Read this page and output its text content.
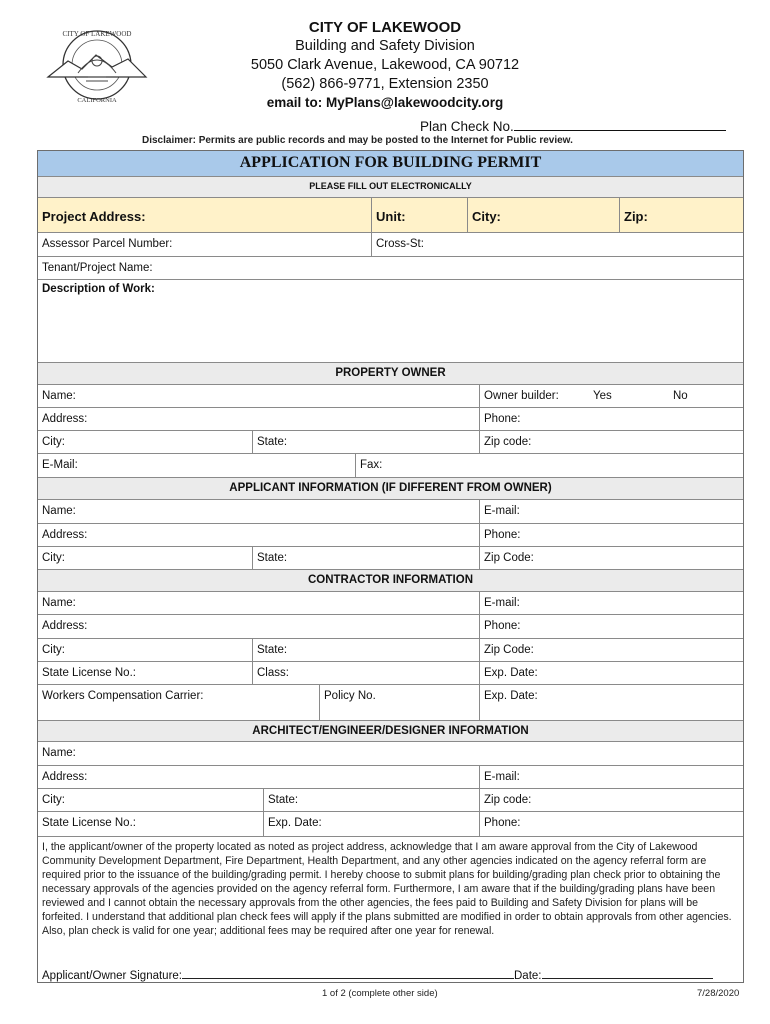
CITY OF LAKEWOOD
CALIFORNIA
CITY OF LAKEWOOD
Building and Safety Division
5050 Clark Avenue, Lakewood, CA 90712
(562) 866-9771, Extension 2350
email to: MyPlans@lakewoodcity.org
Plan Check No.
Disclaimer: Permits are public records and may be posted to the Internet for Public review.
APPLICATION FOR BUILDING PERMIT
PLEASE FILL OUT ELECTRONICALLY
Project Address:	Unit:	City:	Zip:
Assessor Parcel Number:	Cross-St:
Tenant/Project Name:
Description of Work:
PROPERTY OWNER
Name:	Owner builder:	Yes	No
Address:	Phone:
City:	State:	Zip code:
E-Mail:	Fax:
APPLICANT INFORMATION (IF DIFFERENT FROM OWNER)
Name:	E-mail:
Address:	Phone:
City:	State:	Zip Code:
CONTRACTOR INFORMATION
Name:	E-mail:
Address:	Phone:
City:	State:	Zip Code:
State License No.:	Class:	Exp. Date:
Workers Compensation Carrier:	Policy No.	Exp. Date:
ARCHITECT/ENGINEER/DESIGNER INFORMATION
Name:
Address:	E-mail:
City:	State:	Zip code:
State License No.:	Exp. Date:	Phone:
I, the applicant/owner of the property located as noted as project address, acknowledge that I am aware approval from the City of Lakewood Community Development Department, Fire Department, Health Department, and any other agencies indicated on the agency referral form are required prior to the issuance of the building/grading permit. I hereby choose to submit plans for building/grading plan check prior to obtaining the necessary approvals of the agencies provided on the agency referral form. Furthermore, I am aware that if the building/grading plans have been reviewed and I cannot obtain the necessary approvals from the other agencies, the fees paid to Building and Safety Division for plans will be forfeited. I understand that additional plan check fees will apply if the plans submitted are modified in order to obtain approvals from other agencies. Also, plan check is valid for one year; additional fees may be required after one year for renewal.
Applicant/Owner Signature:	Date:
1 of 2 (complete other side)	7/28/2020
